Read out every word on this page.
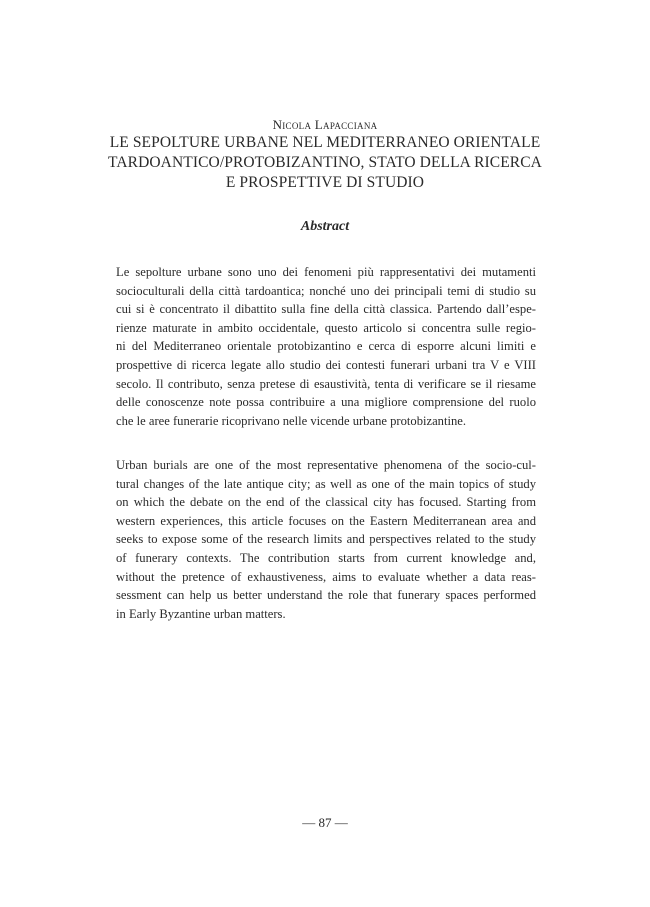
Nicola Lapacciana

LE SEPOLTURE URBANE NEL MEDITERRANEO ORIENTALE
TARDOANTICO/PROTOBIZANTINO, STATO DELLA RICERCA
E PROSPETTIVE DI STUDIO
Abstract

Le sepolture urbane sono uno dei fenomeni più rappresentativi dei mutamenti
socioculturali della città tardoantica; nonché uno dei principali temi di studio su
cui si è concentrato il dibattito sulla fine della città classica. Partendo dall’espe-
rienze maturate in ambito occidentale, questo articolo si concentra sulle regio-
ni del Mediterraneo orientale protobizantino e cerca di esporre alcuni limiti e
prospettive di ricerca legate allo studio dei contesti funerari urbani tra V e VIII
secolo. Il contributo, senza pretese di esaustività, tenta di verificare se il riesame
delle conoscenze note possa contribuire a una migliore comprensione del ruolo
che le aree funerarie ricoprivano nelle vicende urbane protobizantine.

Urban burials are one of the most representative phenomena of the socio-cul-
tural changes of the late antique city; as well as one of the main topics of study
on which the debate on the end of the classical city has focused. Starting from
western experiences, this article focuses on the Eastern Mediterranean area and
seeks to expose some of the research limits and perspectives related to the study
of funerary contexts. The contribution starts from current knowledge and,
without the pretence of exhaustiveness, aims to evaluate whether a data reas-
sessment can help us better understand the role that funerary spaces performed
in Early Byzantine urban matters.

— 87 —
